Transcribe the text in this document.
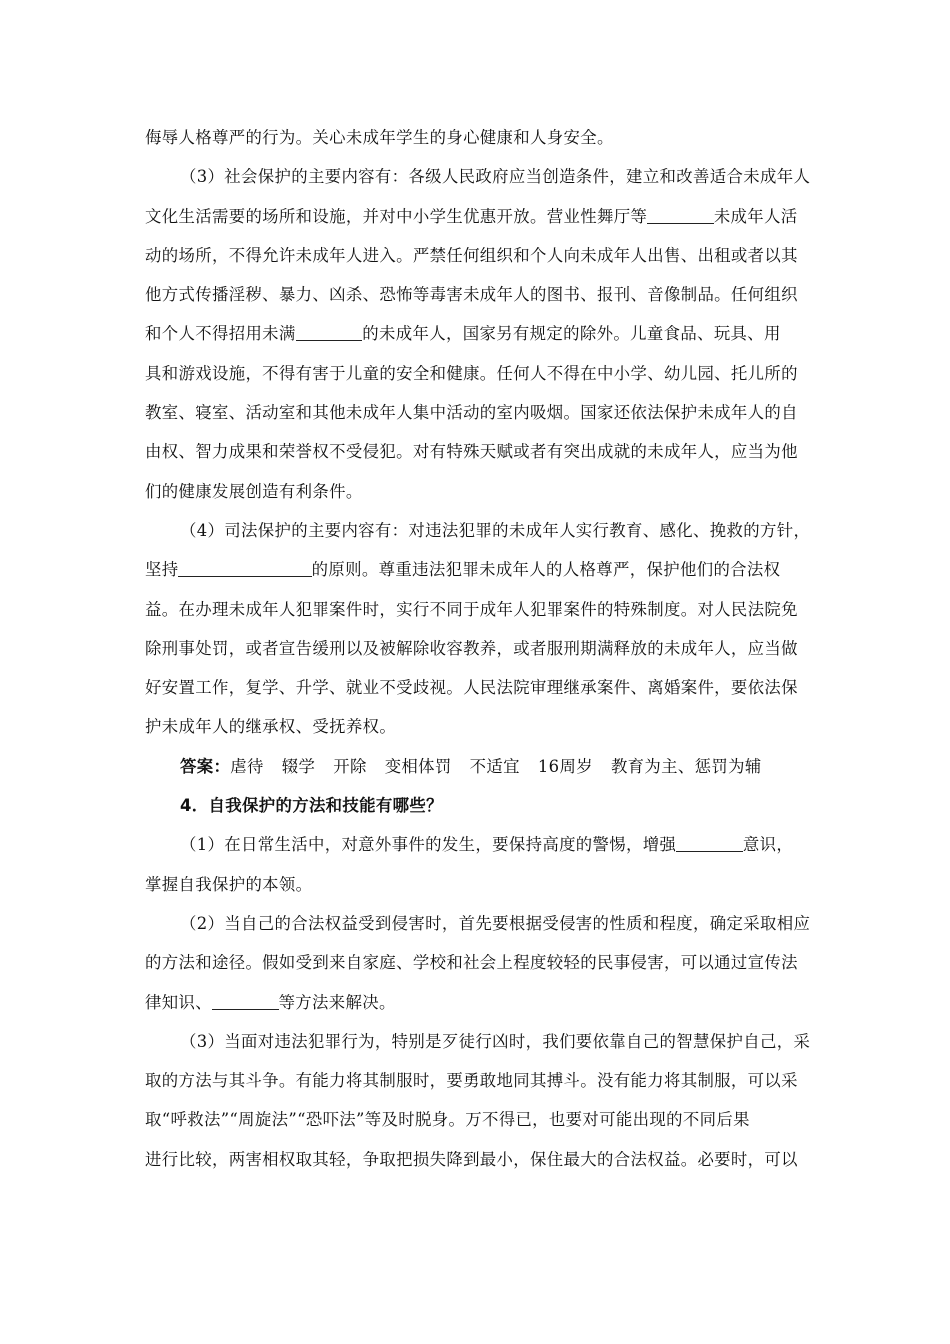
侮辱人格尊严的行为。关心未成年学生的身心健康和人身安全。
（3）社会保护的主要内容有：各级人民政府应当创造条件，建立和改善适合未成年人
文化生活需要的场所和设施，并对中小学生优惠开放。营业性舞厅等	未成年人活
动的场所，不得允许未成年人进入。严禁任何组织和个人向未成年人出售、出租或者以其
他方式传播淫秽、暴力、凶杀、恐怖等毒害未成年人的图书、报刊、音像制品。任何组织
和个人不得招用未满	的未成年人，国家另有规定的除外。儿童食品、玩具、用
具和游戏设施，不得有害于儿童的安全和健康。任何人不得在中小学、幼儿园、托儿所的
教室、寝室、活动室和其他未成年人集中活动的室内吸烟。国家还依法保护未成年人的自
由权、智力成果和荣誉权不受侵犯。对有特殊天赋或者有突出成就的未成年人，应当为他
们的健康发展创造有利条件。
（4）司法保护的主要内容有：对违法犯罪的未成年人实行教育、感化、挽救的方针，
坚持	的原则。尊重违法犯罪未成年人的人格尊严，保护他们的合法权
益。在办理未成年人犯罪案件时，实行不同于成年人犯罪案件的特殊制度。对人民法院免
除刑事处罚，或者宣告缓刑以及被解除收容教养，或者服刑期满释放的未成年人，应当做
好安置工作，复学、升学、就业不受歧视。人民法院审理继承案件、离婚案件，要依法保
护未成年人的继承权、受抚养权。
答案：虐待 辍学 开除 变相体罚 不适宜 16周岁 教育为主、惩罚为辅
4．自我保护的方法和技能有哪些？
（1）在日常生活中，对意外事件的发生，要保持高度的警惕，增强	意识，
掌握自我保护的本领。
（2）当自己的合法权益受到侵害时，首先要根据受侵害的性质和程度，确定采取相应
的方法和途径。假如受到来自家庭、学校和社会上程度较轻的民事侵害，可以通过宣传法
律知识、	等方法来解决。
（3）当面对违法犯罪行为，特别是歹徒行凶时，我们要依靠自己的智慧保护自己，采
取的方法与其斗争。有能力将其制服时，要勇敢地同其搏斗。没有能力将其制服，可以采
取“呼救法”“周旋法”“恐吓法”等及时脱身。万不得已，也要对可能出现的不同后果
进行比较，两害相权取其轻，争取把损失降到最小，保住最大的合法权益。必要时，可以
